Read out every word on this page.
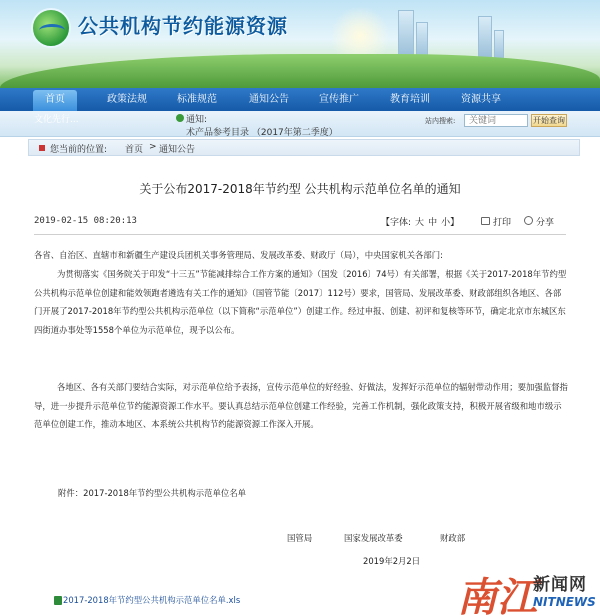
公共机构节约能源资源
首页	政策法规	标准规范	通知公告	宣传推广	教育培训	资源共享
文化先行...	通知:
术产品参考目录 （2017年第二季度）
站内搜索:
关键词	开始查询
您当前的位置: 首页 > 通知公告
关于公布2017-2018年节约型 公共机构示范单位名单的通知
2019-02-15 08:20:13	【字体: 大 中 小】	打印	分享
各省、自治区、直辖市和新疆生产建设兵团机关事务管理局、发展改革委、财政厅（局），中央国家机关各部门:
为贯彻落实《国务院关于印发“十三五”节能减排综合工作方案的通知》（国发〔2016〕74号）有关部署，根据《关于2017-2018年节约型公共机构示范单位创建和能效领跑者遴选有关工作的通知》（国管节能〔2017〕112号）要求，国管局、发展改革委、财政部组织各地区、各部门开展了2017-2018年节约型公共机构示范单位（以下简称“示范单位”）创建工作。经过申报、创建、初评和复核等环节，确定北京市东城区东四街道办事处等1558个单位为示范单位，现予以公布。
各地区、各有关部门要结合实际，对示范单位给予表扬，宣传示范单位的好经验、好做法，发挥好示范单位的辐射带动作用；要加强监督指导，进一步提升示范单位节约能源资源工作水平。要认真总结示范单位创建工作经验，完善工作机制，强化政策支持，积极开展省级和地市级示范单位创建工作，推动本地区、本系统公共机构节约能源资源工作深入开展。
附件：2017-2018年节约型公共机构示范单位名单
国管局	国家发展改革委	财政部
2019年2月2日
2017-2018年节约型公共机构示范单位名单.xls	南江
新闻网
NITNEWS
